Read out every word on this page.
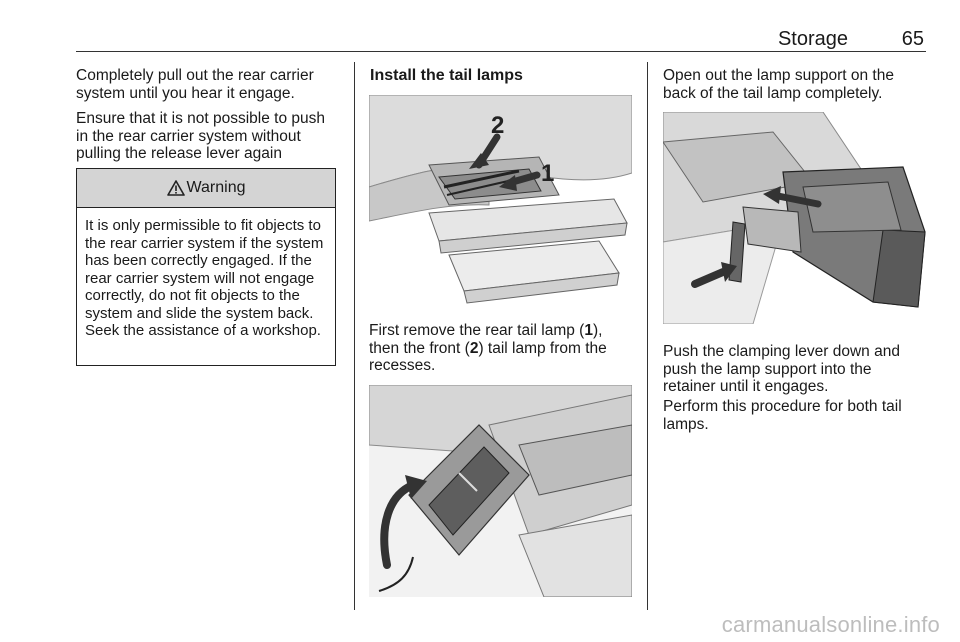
Storage	65

Completely pull out the rear carrier system until you hear it engage.

Ensure that it is not possible to push in the rear carrier system without pulling the release lever again

Warning
It is only permissible to fit objects to the rear carrier system if the system has been correctly engaged. If the rear carrier system will not engage correctly, do not fit objects to the system and slide the system back. Seek the assistance of a workshop.
Install the tail lamps
2
1

First remove the rear tail lamp (1), then the front (2) tail lamp from the recesses.

Open out the lamp support on the back of the tail lamp completely.

Push the clamping lever down and push the lamp support into the retainer until it engages.

Perform this procedure for both tail lamps.

carmanualsonline.info
